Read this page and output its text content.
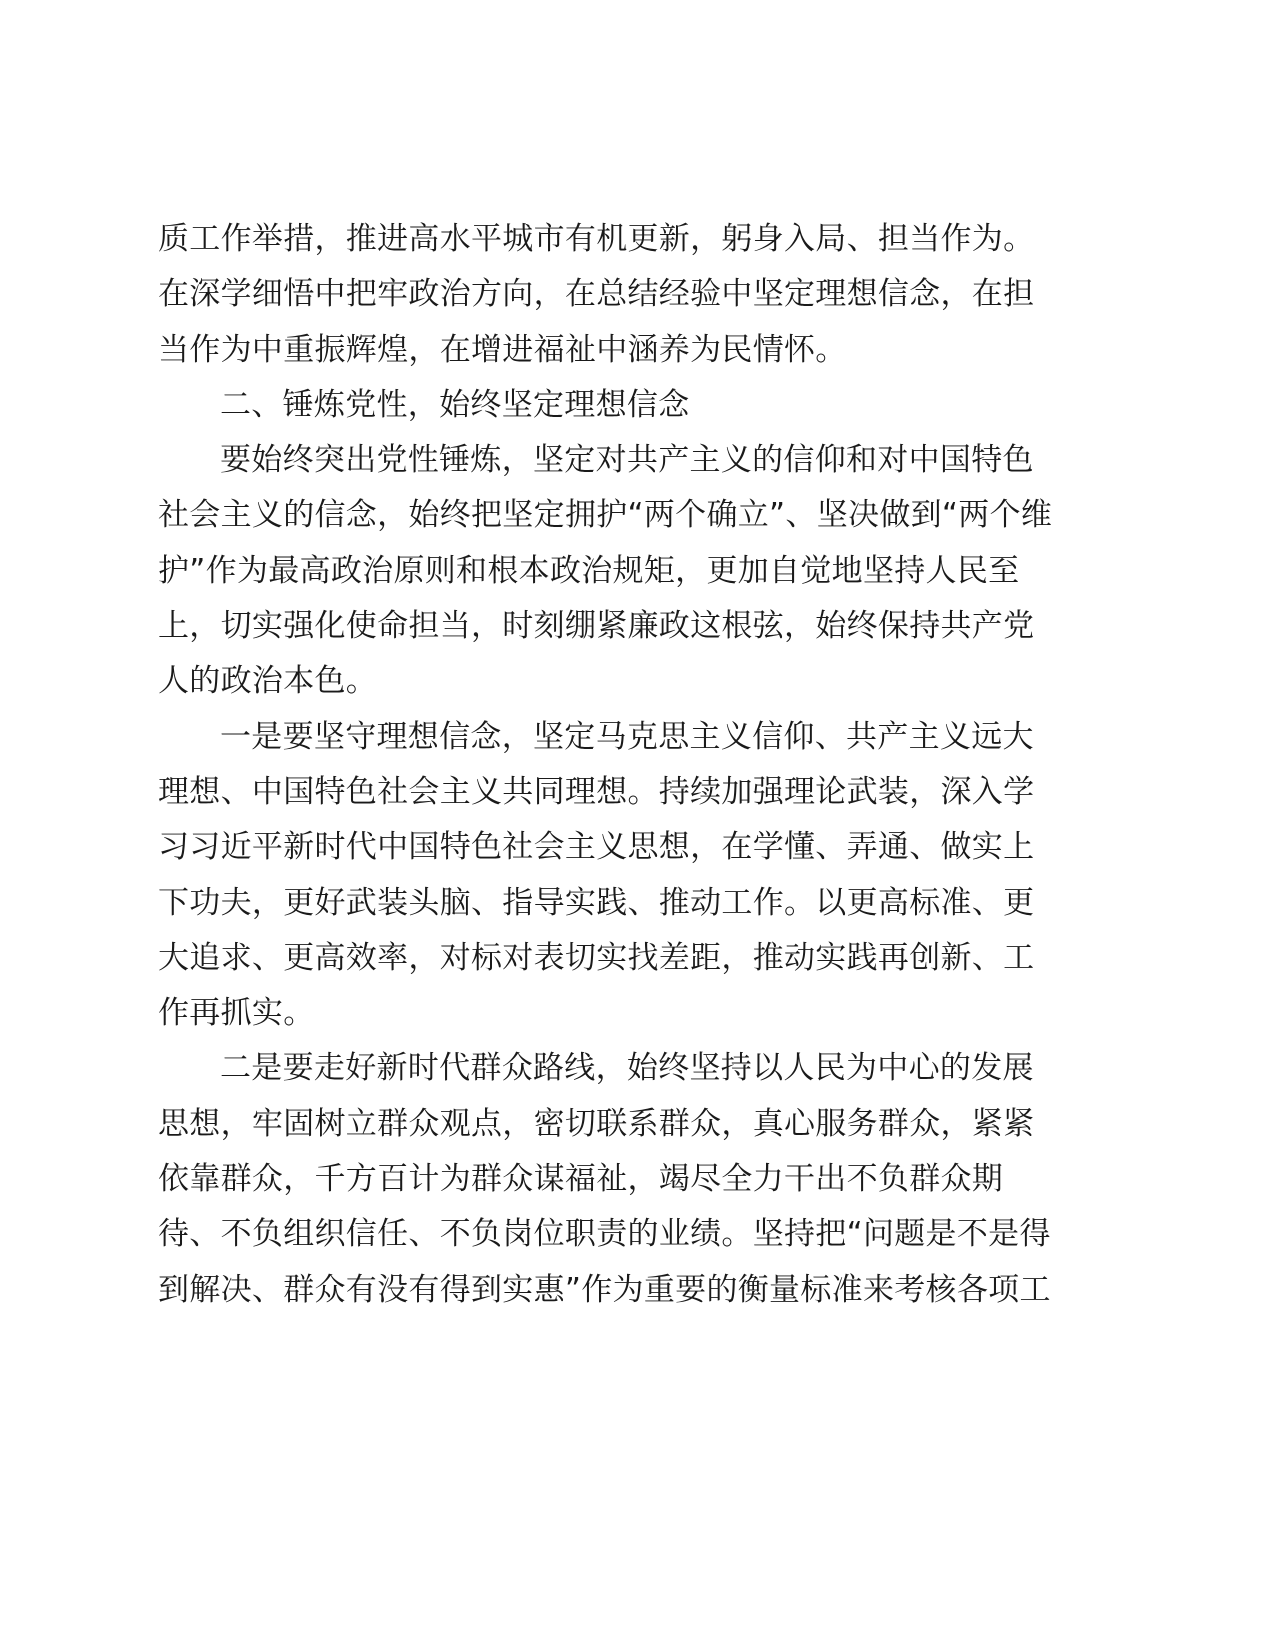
质工作举措，推进高水平城市有机更新，躬身入局、担当作为。
在深学细悟中把牢政治方向，在总结经验中坚定理想信念，在担
当作为中重振辉煌，在增进福祉中涵养为民情怀。
二、锤炼党性，始终坚定理想信念
要始终突出党性锤炼，坚定对共产主义的信仰和对中国特色
社会主义的信念，始终把坚定拥护“两个确立”、坚决做到“两个维
护”作为最高政治原则和根本政治规矩，更加自觉地坚持人民至
上，切实强化使命担当，时刻绷紧廉政这根弦，始终保持共产党
人的政治本色。
一是要坚守理想信念，坚定马克思主义信仰、共产主义远大
理想、中国特色社会主义共同理想。持续加强理论武装，深入学
习习近平新时代中国特色社会主义思想，在学懂、弄通、做实上
下功夫，更好武装头脑、指导实践、推动工作。以更高标准、更
大追求、更高效率，对标对表切实找差距，推动实践再创新、工
作再抓实。
二是要走好新时代群众路线，始终坚持以人民为中心的发展
思想，牢固树立群众观点，密切联系群众，真心服务群众，紧紧
依靠群众，千方百计为群众谋福祉，竭尽全力干出不负群众期
待、不负组织信任、不负岗位职责的业绩。坚持把“问题是不是得
到解决、群众有没有得到实惠”作为重要的衡量标准来考核各项工
